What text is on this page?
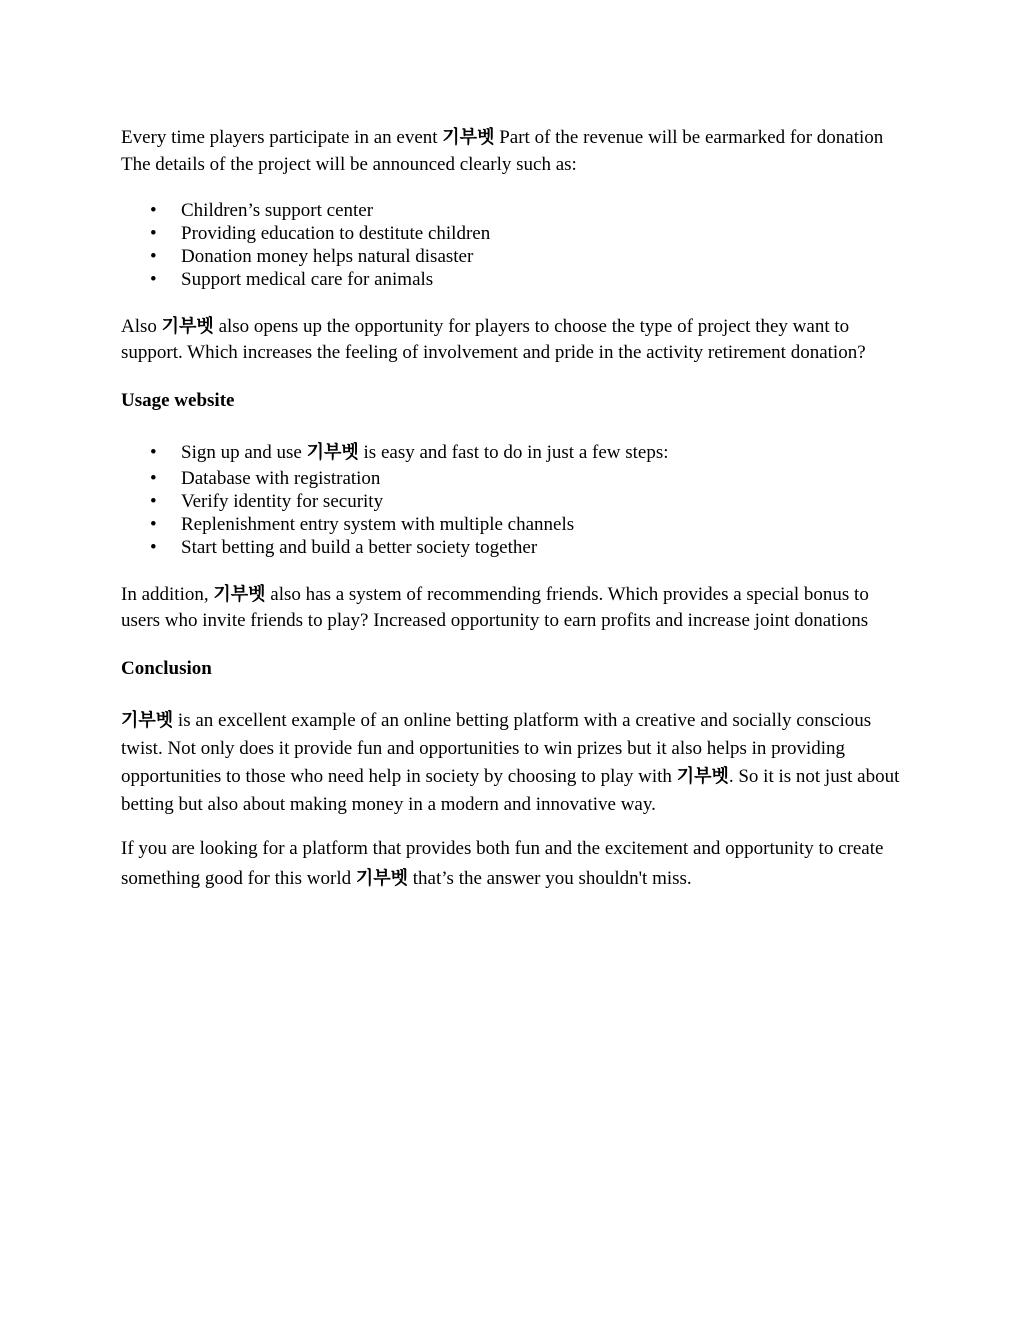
Every time players participate in an event 기부벳 Part of the revenue will be earmarked for donation The details of the project will be announced clearly such as:

• Children’s support center
• Providing education to destitute children
• Donation money helps natural disaster
• Support medical care for animals

Also 기부벳 also opens up the opportunity for players to choose the type of project they want to support. Which increases the feeling of involvement and pride in the activity retirement donation?

Usage website

• Sign up and use 기부벳 is easy and fast to do in just a few steps:
• Database with registration
• Verify identity for security
• Replenishment entry system with multiple channels
• Start betting and build a better society together

In addition, 기부벳 also has a system of recommending friends. Which provides a special bonus to users who invite friends to play? Increased opportunity to earn profits and increase joint donations

Conclusion

기부벳 is an excellent example of an online betting platform with a creative and socially conscious twist. Not only does it provide fun and opportunities to win prizes but it also helps in providing opportunities to those who need help in society by choosing to play with 기부벳. So it is not just about betting but also about making money in a modern and innovative way.

If you are looking for a platform that provides both fun and the excitement and opportunity to create something good for this world 기부벳 that’s the answer you shouldn't miss.
